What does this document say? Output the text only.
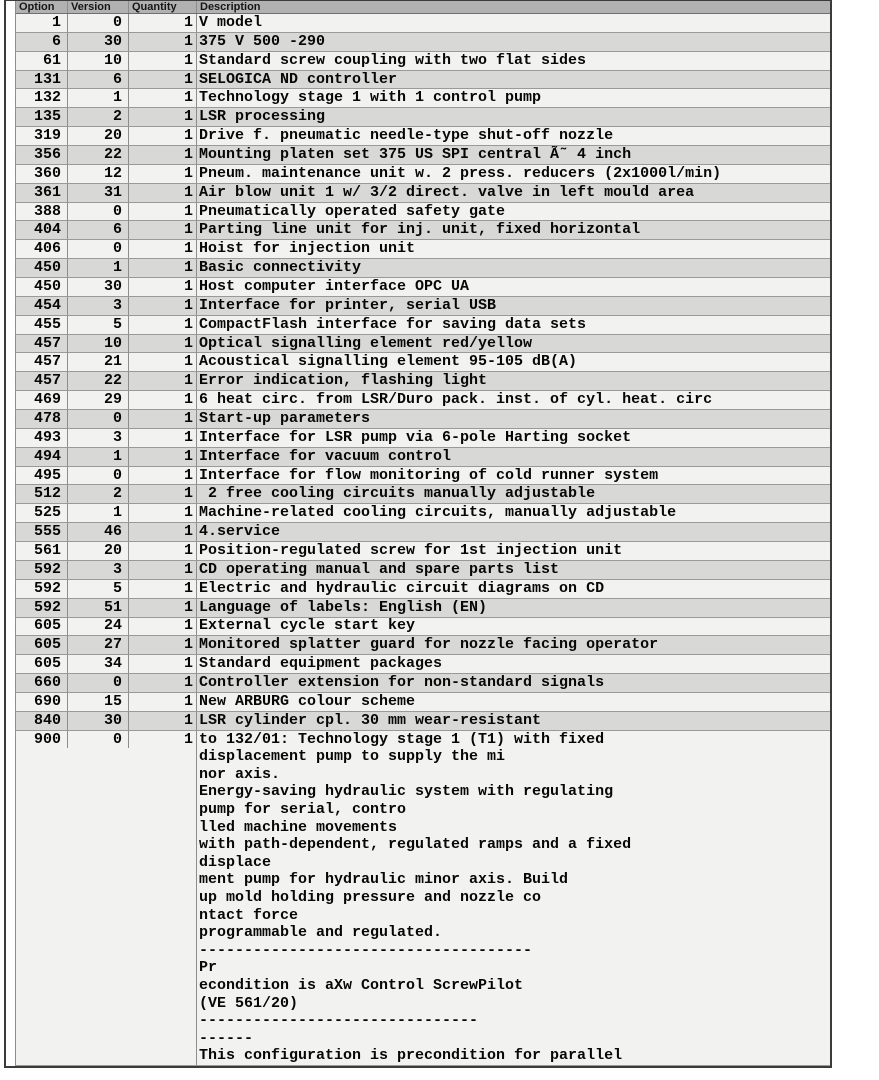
Option	Version	Quantity	Description
1	0	1 V model
6	30	1 375 V 500 -290
61	10	1 Standard screw coupling with two flat sides
131	6	1 SELOGICA ND controller
132	1	1 Technology stage 1 with 1 control pump
135	2	1 LSR processing
319	20	1 Drive f. pneumatic needle-type shut-off nozzle
356	22	1 Mounting platen set 375 US SPI central Ã˜ 4 inch
360	12	1 Pneum. maintenance unit w. 2 press. reducers (2x1000l/min)
361	31	1 Air blow unit 1 w/ 3/2 direct. valve in left mould area
388	0	1 Pneumatically operated safety gate
404	6	1 Parting line unit for inj. unit, fixed horizontal
406	0	1 Hoist for injection unit
450	1	1 Basic connectivity
450	30	1 Host computer interface OPC UA
454	3	1 Interface for printer, serial USB
455	5	1 CompactFlash interface for saving data sets
457	10	1 Optical signalling element red/yellow
457	21	1 Acoustical signalling element 95-105 dB(A)
457	22	1 Error indication, flashing light
469	29	1 6 heat circ. from LSR/Duro pack. inst. of cyl. heat. circ
478	0	1 Start-up parameters
493	3	1 Interface for LSR pump via 6-pole Harting socket
494	1	1 Interface for vacuum control
495	0	1 Interface for flow monitoring of cold runner system
512	2	1 2 free cooling circuits manually adjustable
525	1	1 Machine-related cooling circuits, manually adjustable
555	46	1 4.service
561	20	1 Position-regulated screw for 1st injection unit
592	3	1 CD operating manual and spare parts list
592	5	1 Electric and hydraulic circuit diagrams on CD
592	51	1 Language of labels: English (EN)
605	24	1 External cycle start key
605	27	1 Monitored splatter guard for nozzle facing operator
605	34	1 Standard equipment packages
660	0	1 Controller extension for non-standard signals
690	15	1 New ARBURG colour scheme
840	30	1 LSR cylinder cpl. 30 mm wear-resistant
900	0	1 to 132/01: Technology stage 1 (T1) with fixed
displacement pump to supply the mi
nor axis.
Energy-saving hydraulic system with regulating
pump for serial, contro
lled machine movements
with path-dependent, regulated ramps and a fixed
displace
ment pump for hydraulic minor axis. Build
up mold holding pressure and nozzle co
ntact force
programmable and regulated.
-------------------------------------
Pr
econdition is aXw Control ScrewPilot
(VE 561/20)
-------------------------------
------
This configuration is precondition for parallel
